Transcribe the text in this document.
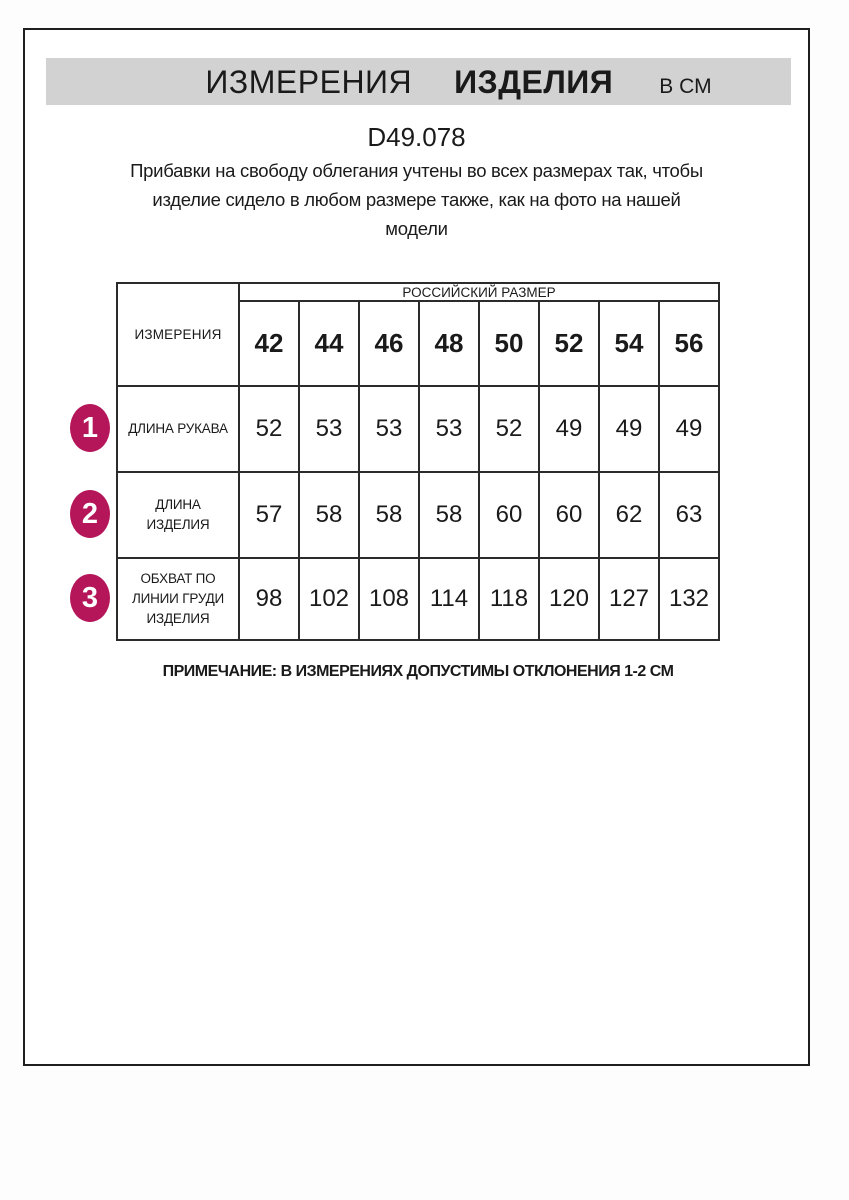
ИЗМЕРЕНИЯ ИЗДЕЛИЯ В СМ
D49.078
Прибавки на свободу облегания учтены во всех размерах так, чтобы
изделие сидело в любом размере также, как на фото на нашей
модели
ИЗМЕРЕНИЯ	РОССИЙСКИЙ РАЗМЕР							
	42	44	46	48	50	52	54	56

ДЛИНА РУКАВА	52	53	53	53	52	49	49	49

ДЛИНА
ИЗДЕЛИЯ	57	58	58	58	60	60	62	63

ОБХВАТ ПО
ЛИНИИ ГРУДИ
ИЗДЕЛИЯ	98	102	108	114	118	120	127	132
1
2
3
ПРИМЕЧАНИЕ: В ИЗМЕРЕНИЯХ ДОПУСТИМЫ ОТКЛОНЕНИЯ 1-2 СМ
